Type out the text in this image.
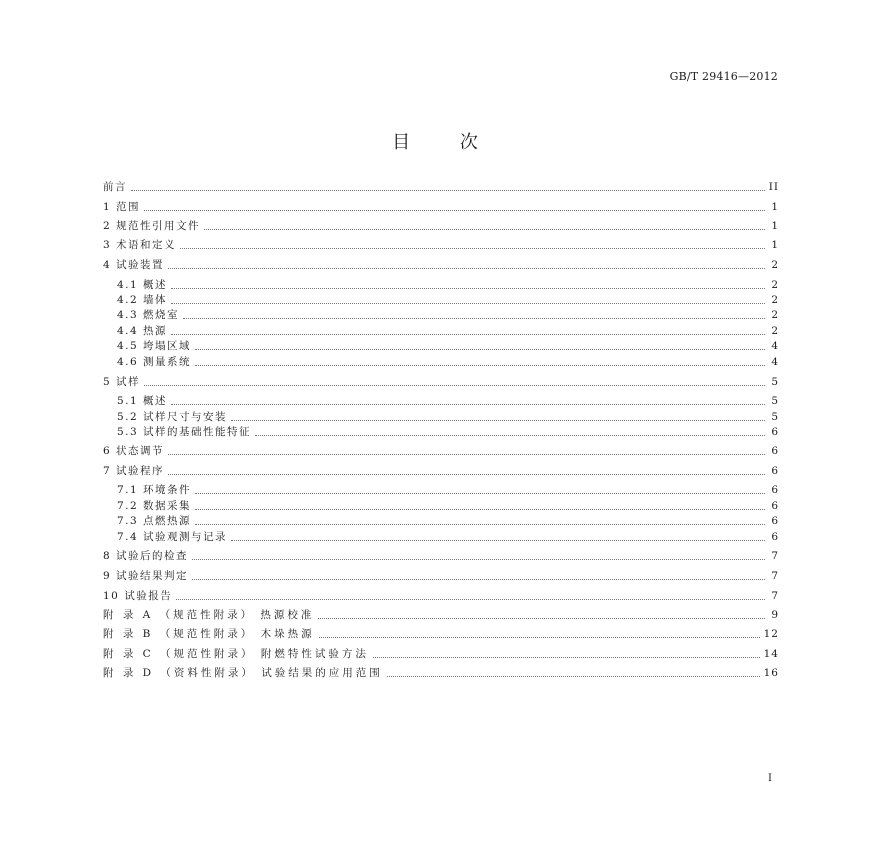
GB/T 29416—2012
目 次
前言	II
1 范围	1
2 规范性引用文件	1
3 术语和定义	1
4 试验装置	2
4.1 概述	2
4.2 墙体	2
4.3 燃烧室	2
4.4 热源	2
4.5 垮塌区域	4
4.6 测量系统	4
5 试样	5
5.1 概述	5
5.2 试样尺寸与安装	5
5.3 试样的基础性能特征	6
6 状态调节	6
7 试验程序	6
7.1 环境条件	6
7.2 数据采集	6
7.3 点燃热源	6
7.4 试验观测与记录	6
8 试验后的检查	7
9 试验结果判定	7
10 试验报告	7
附 录 A （规范性附录） 热源校准	9
附 录 B （规范性附录） 木垛热源	12
附 录 C （规范性附录） 附燃特性试验方法	14
附 录 D （资料性附录） 试验结果的应用范围	16
I
